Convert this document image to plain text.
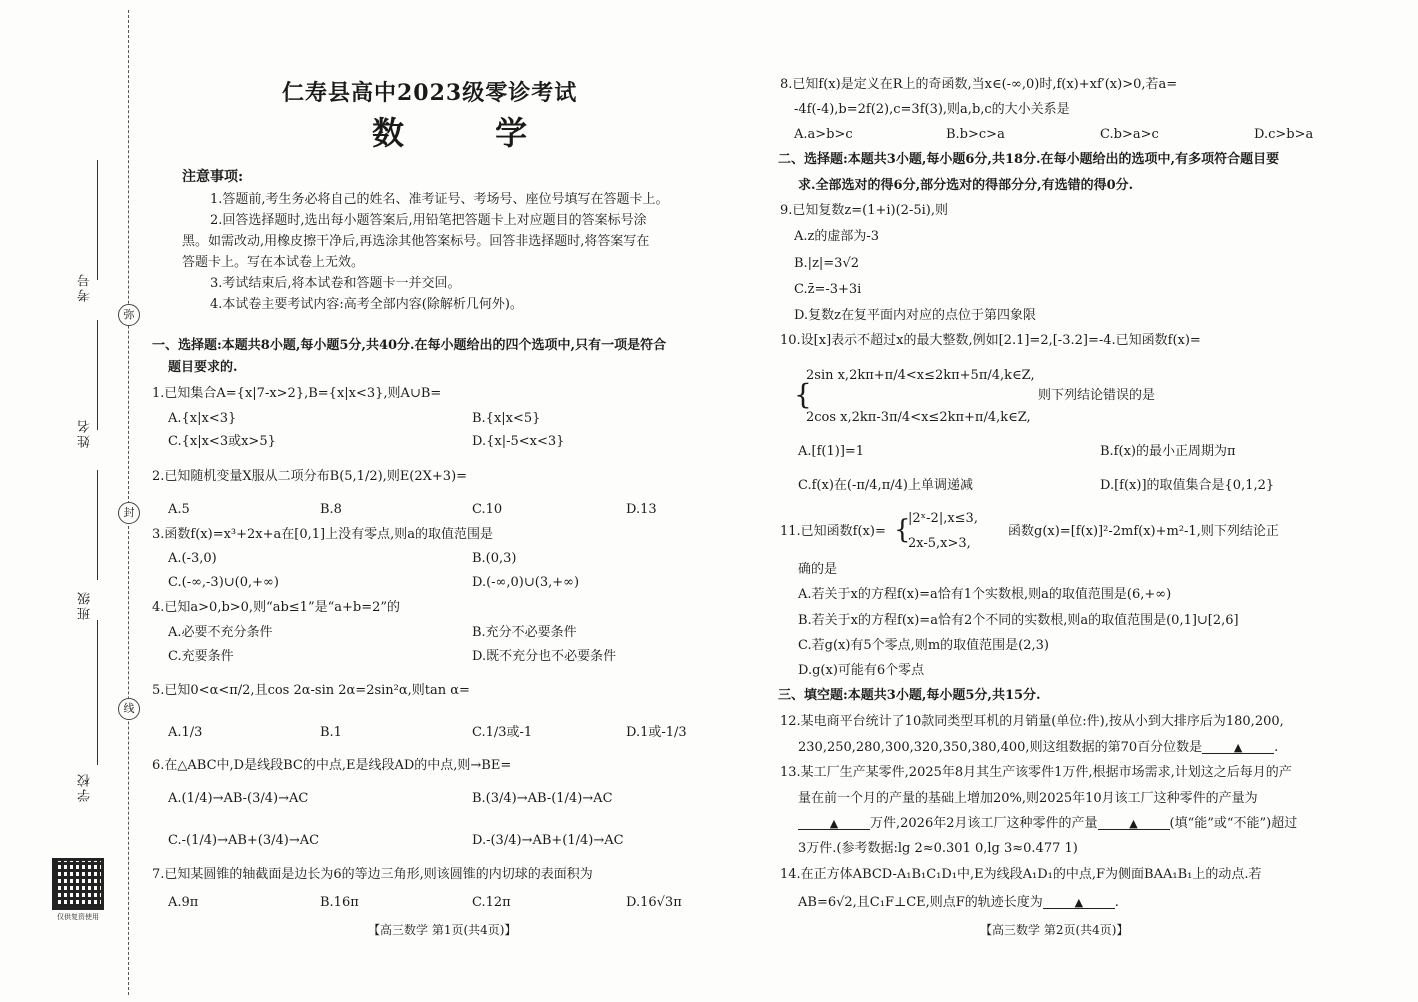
弥
封
线
考号
姓名
班级
学校
仅供复资使用
仁寿县高中2023级零诊考试
数 学
注意事项:
1.答题前,考生务必将自己的姓名、准考证号、考场号、座位号填写在答题卡上。
2.回答选择题时,选出每小题答案后,用铅笔把答题卡上对应题目的答案标号涂
黑。如需改动,用橡皮擦干净后,再选涂其他答案标号。回答非选择题时,将答案写在
答题卡上。写在本试卷上无效。
3.考试结束后,将本试卷和答题卡一并交回。
4.本试卷主要考试内容:高考全部内容(除解析几何外)。
一、选择题:本题共8小题,每小题5分,共40分.在每小题给出的四个选项中,只有一项是符合
题目要求的.
1.已知集合A={x|7-x>2},B={x|x<3},则A∪B=
A.{x|x<3}	B.{x|x<5}
C.{x|x<3或x>5}	D.{x|-5<x<3}
2.已知随机变量X服从二项分布B(5,1/2),则E(2X+3)=
A.5	B.8	C.10	D.13
3.函数f(x)=x³+2x+a在[0,1]上没有零点,则a的取值范围是
A.(-3,0)	B.(0,3)
C.(-∞,-3)∪(0,+∞)	D.(-∞,0)∪(3,+∞)
4.已知a>0,b>0,则“ab≤1”是“a+b=2”的
A.必要不充分条件	B.充分不必要条件
C.充要条件	D.既不充分也不必要条件
5.已知0<α<π/2,且cos 2α-sin 2α=2sin²α,则tan α=
A.1/3	B.1	C.1/3或-1	D.1或-1/3
6.在△ABC中,D是线段BC的中点,E是线段AD的中点,则→BE=
A.(1/4)→AB-(3/4)→AC	B.(3/4)→AB-(1/4)→AC
C.-(1/4)→AB+(3/4)→AC	D.-(3/4)→AB+(1/4)→AC
7.已知某圆锥的轴截面是边长为6的等边三角形,则该圆锥的内切球的表面积为
A.9π	B.16π	C.12π	D.16√3π
【高三数学 第1页(共4页)】
8.已知f(x)是定义在R上的奇函数,当x∈(-∞,0)时,f(x)+xf′(x)>0,若a=
-4f(-4),b=2f(2),c=3f(3),则a,b,c的大小关系是
A.a>b>c	B.b>c>a	C.b>a>c	D.c>b>a
二、选择题:本题共3小题,每小题6分,共18分.在每小题给出的选项中,有多项符合题目要
求.全部选对的得6分,部分选对的得部分分,有选错的得0分.
9.已知复数z=(1+i)(2-5i),则
A.z的虚部为-3
B.|z|=3√2
C.z̄=-3+3i
D.复数z在复平面内对应的点位于第四象限
10.设[x]表示不超过x的最大整数,例如[2.1]=2,[-3.2]=-4.已知函数f(x)=
{
2sin x,2kπ+π/4<x≤2kπ+5π/4,k∈Z,
2cos x,2kπ-3π/4<x≤2kπ+π/4,k∈Z,
则下列结论错误的是
A.[f(1)]=1	B.f(x)的最小正周期为π
C.f(x)在(-π/4,π/4)上单调递减	D.[f(x)]的取值集合是{0,1,2}
11.已知函数f(x)= {
|2ˣ-2|,x≤3,
2x-5,x>3,
函数g(x)=[f(x)]²-2mf(x)+m²-1,则下列结论正
确的是
A.若关于x的方程f(x)=a恰有1个实数根,则a的取值范围是(6,+∞)
B.若关于x的方程f(x)=a恰有2个不同的实数根,则a的取值范围是(0,1]∪[2,6]
C.若g(x)有5个零点,则m的取值范围是(2,3)
D.g(x)可能有6个零点
三、填空题:本题共3小题,每小题5分,共15分.
12.某电商平台统计了10款同类型耳机的月销量(单位:件),按从小到大排序后为180,200,
230,250,280,300,320,350,380,400,则这组数据的第70百分位数是	▲ .
13.某工厂生产某零件,2025年8月其生产该零件1万件,根据市场需求,计划这之后每月的产
量在前一个月的产量的基础上增加20%,则2025年10月该工厂这种零件的产量为
▲ 万件,2026年2月该工厂这种零件的产量	▲ (填“能”或“不能”)超过
3万件.(参考数据:lg 2≈0.301 0,lg 3≈0.477 1)
14.在正方体ABCD-A₁B₁C₁D₁中,E为线段A₁D₁的中点,F为侧面BAA₁B₁上的动点.若
AB=6√2,且C₁F⊥CE,则点F的轨迹长度为	▲ .
【高三数学 第2页(共4页)】
